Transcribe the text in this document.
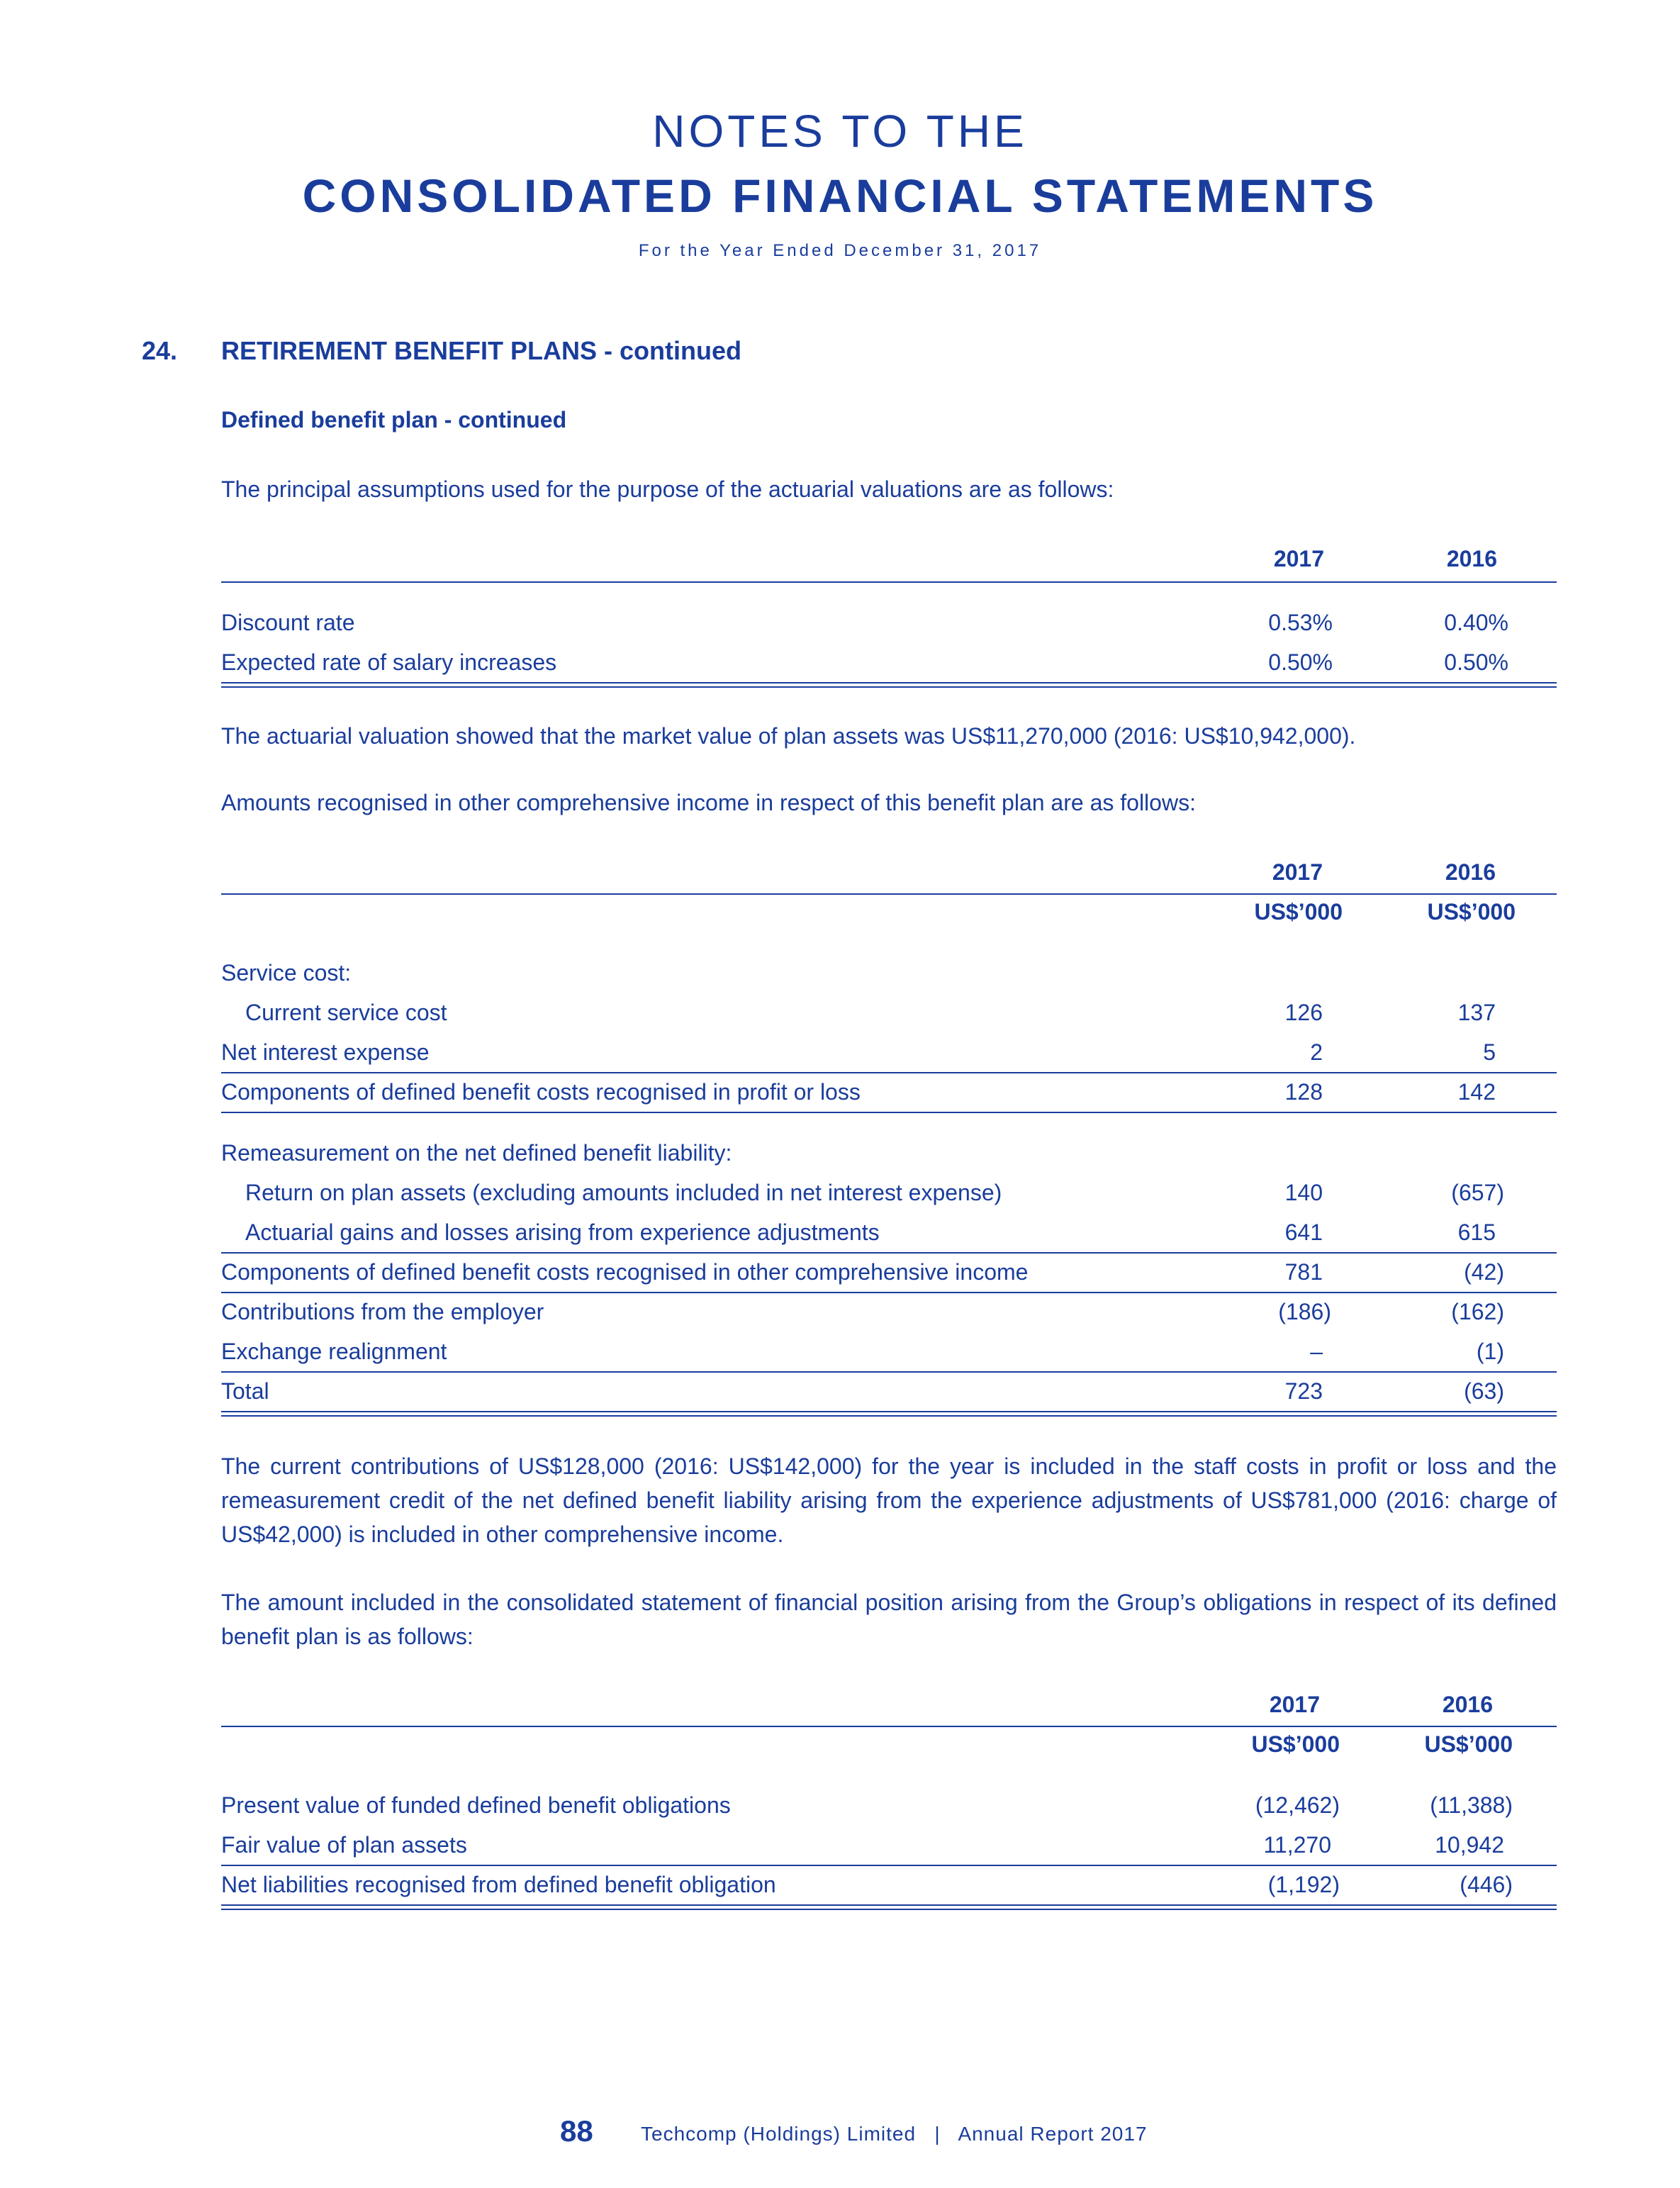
NOTES TO THE
CONSOLIDATED FINANCIAL STATEMENTS
For the Year Ended December 31, 2017
24. RETIREMENT BENEFIT PLANS - continued
Defined benefit plan - continued
The principal assumptions used for the purpose of the actuarial valuations are as follows:
2017	2016
Discount rate	0.53%	0.40%
Expected rate of salary increases	0.50%	0.50%
The actuarial valuation showed that the market value of plan assets was US$11,270,000 (2016: US$10,942,000).
Amounts recognised in other comprehensive income in respect of this benefit plan are as follows:
2017	2016
US$’000	US$’000
Service cost:
Current service cost	126	137
Net interest expense	2	5
Components of defined benefit costs recognised in profit or loss	128	142
Remeasurement on the net defined benefit liability:
Return on plan assets (excluding amounts included in net interest expense)	140	(657)
Actuarial gains and losses arising from experience adjustments	641	615
Components of defined benefit costs recognised in other comprehensive income	781	(42)
Contributions from the employer	(186)	(162)
Exchange realignment	–	(1)
Total	723	(63)
The current contributions of US$128,000 (2016: US$142,000) for the year is included in the staff costs in profit or loss and the remeasurement credit of the net defined benefit liability arising from the experience adjustments of US$781,000 (2016: charge of US$42,000) is included in other comprehensive income.
The amount included in the consolidated statement of financial position arising from the Group’s obligations in respect of its defined benefit plan is as follows:
2017	2016
US$’000	US$’000
Present value of funded defined benefit obligations	(12,462)	(11,388)
Fair value of plan assets	11,270	10,942
Net liabilities recognised from defined benefit obligation	(1,192)	(446)
88 Techcomp (Holdings) Limited   |   Annual Report 2017
